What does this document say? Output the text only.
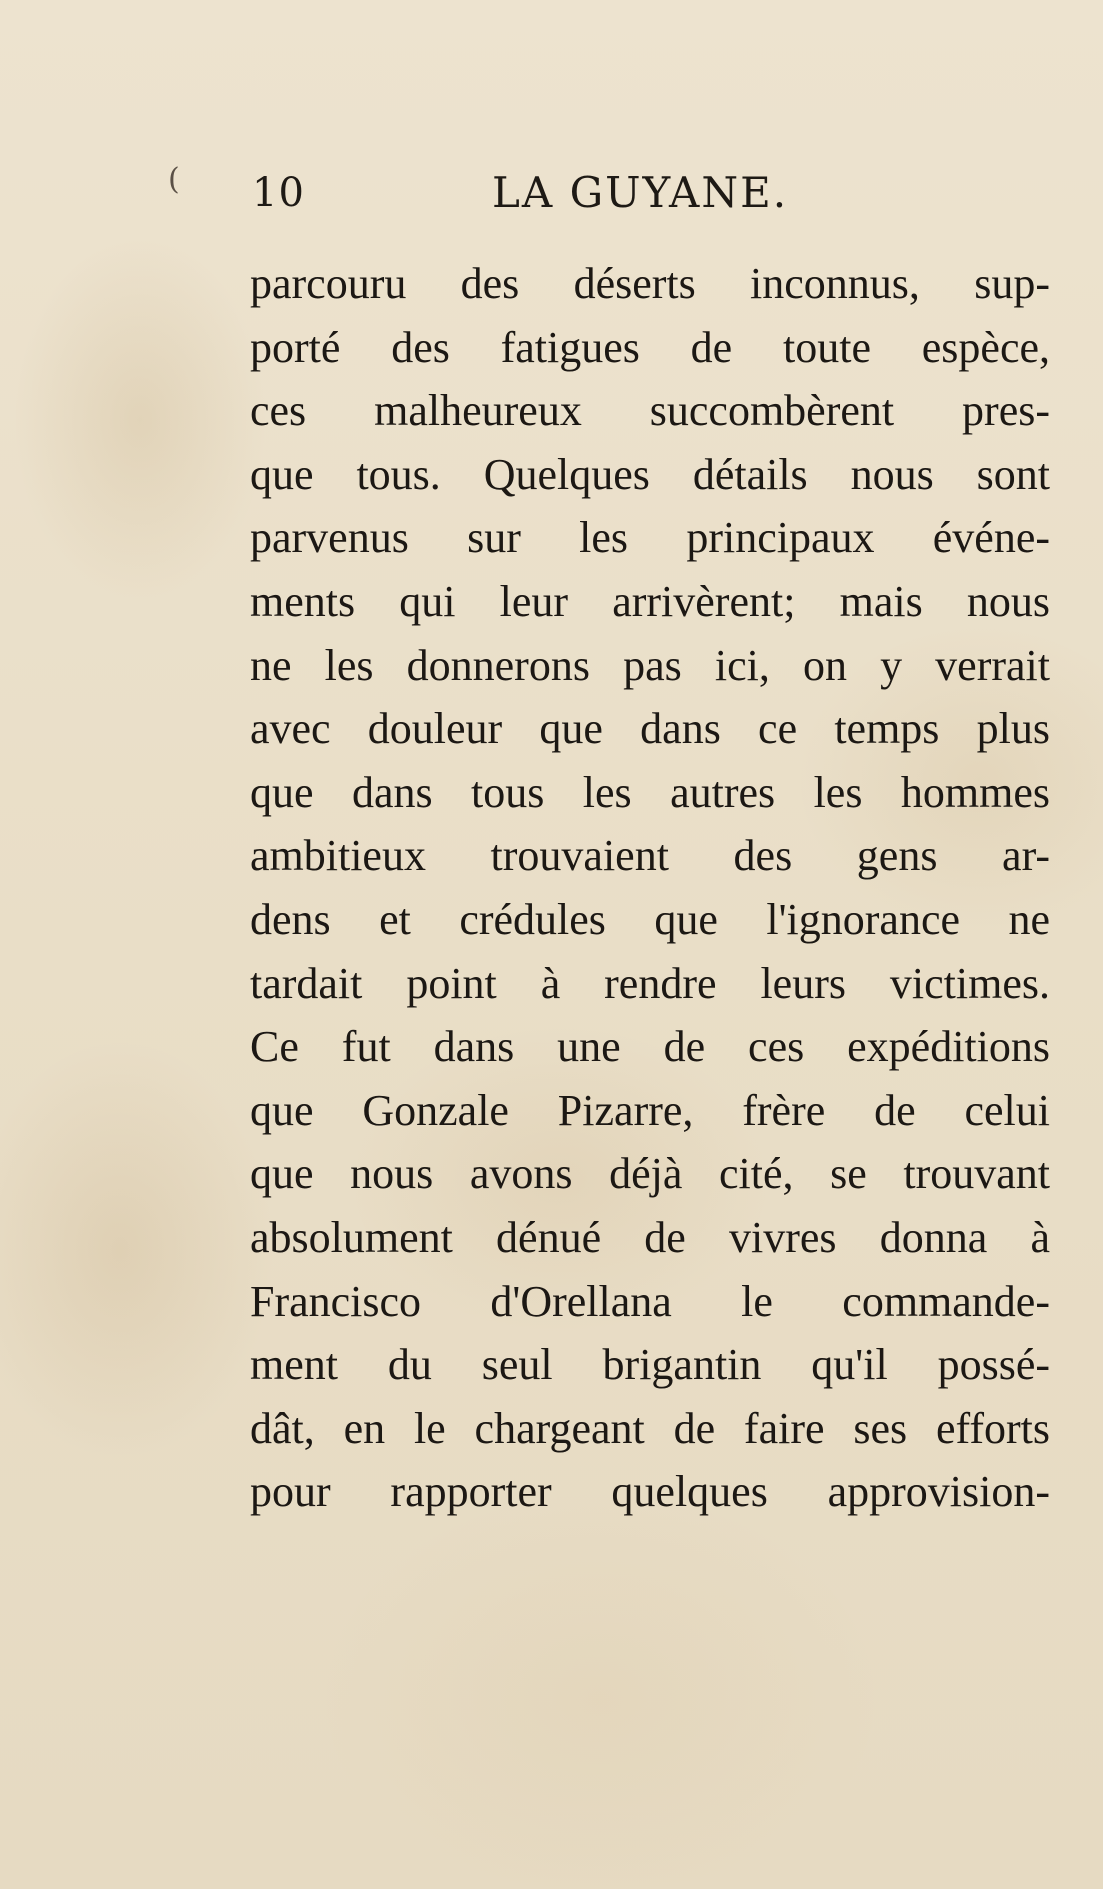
( 10	LA GUYANE.
parcouru des déserts inconnus, sup-
porté des fatigues de toute espèce,
ces malheureux succombèrent pres-
que tous. Quelques détails nous sont
parvenus sur les principaux événe-
ments qui leur arrivèrent; mais nous
ne les donnerons pas ici, on y verrait
avec douleur que dans ce temps plus
que dans tous les autres les hommes
ambitieux trouvaient des gens ar-
dens et crédules que l'ignorance ne
tardait point à rendre leurs victimes.
Ce fut dans une de ces expéditions
que Gonzale Pizarre, frère de celui
que nous avons déjà cité, se trouvant
absolument dénué de vivres donna à
Francisco d'Orellana le commande-
ment du seul brigantin qu'il possé-
dât, en le chargeant de faire ses efforts
pour rapporter quelques approvision-
